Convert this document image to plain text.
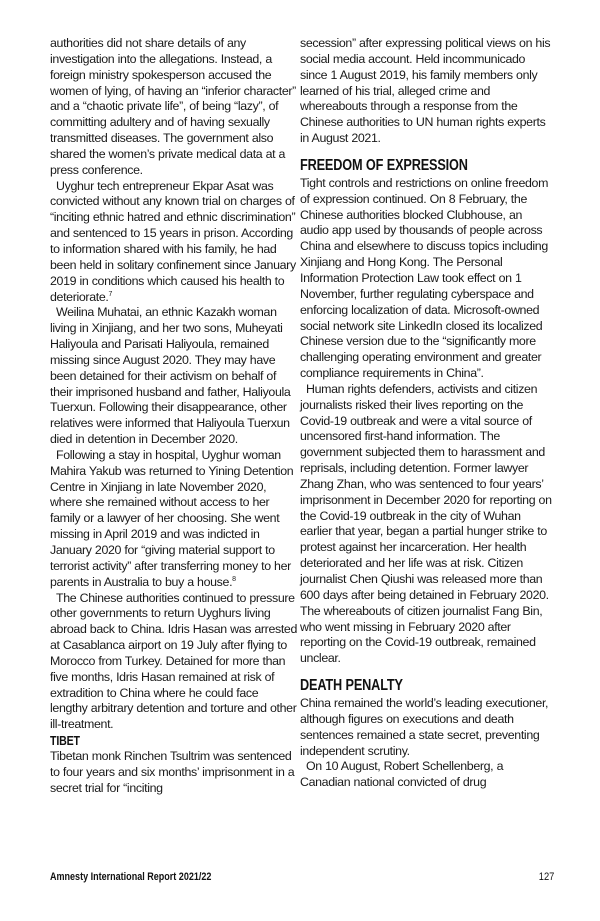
authorities did not share details of any investigation into the allegations. Instead, a foreign ministry spokesperson accused the women of lying, of having an “inferior character” and a “chaotic private life”, of being “lazy”, of committing adultery and of having sexually transmitted diseases. The government also shared the women’s private medical data at a press conference.

Uyghur tech entrepreneur Ekpar Asat was convicted without any known trial on charges of “inciting ethnic hatred and ethnic discrimination” and sentenced to 15 years in prison. According to information shared with his family, he had been held in solitary confinement since January 2019 in conditions which caused his health to deteriorate.$^7$

Weilina Muhatai, an ethnic Kazakh woman living in Xinjiang, and her two sons, Muheyati Haliyoula and Parisati Haliyoula, remained missing since August 2020. They may have been detained for their activism on behalf of their imprisoned husband and father, Haliyoula Tuerxun. Following their disappearance, other relatives were informed that Haliyoula Tuerxun died in detention in December 2020.

Following a stay in hospital, Uyghur woman Mahira Yakub was returned to Yining Detention Centre in Xinjiang in late November 2020, where she remained without access to her family or a lawyer of her choosing. She went missing in April 2019 and was indicted in January 2020 for “giving material support to terrorist activity” after transferring money to her parents in Australia to buy a house.$^8$

The Chinese authorities continued to pressure other governments to return Uyghurs living abroad back to China. Idris Hasan was arrested at Casablanca airport on 19 July after flying to Morocco from Turkey. Detained for more than five months, Idris Hasan remained at risk of extradition to China where he could face lengthy arbitrary detention and torture and other ill-treatment.

TIBET

Tibetan monk Rinchen Tsultrim was sentenced to four years and six months’ imprisonment in a secret trial for “inciting

secession” after expressing political views on his social media account. Held incommunicado since 1 August 2019, his family members only learned of his trial, alleged crime and whereabouts through a response from the Chinese authorities to UN human rights experts in August 2021.

FREEDOM OF EXPRESSION

Tight controls and restrictions on online freedom of expression continued. On 8 February, the Chinese authorities blocked Clubhouse, an audio app used by thousands of people across China and elsewhere to discuss topics including Xinjiang and Hong Kong. The Personal Information Protection Law took effect on 1 November, further regulating cyberspace and enforcing localization of data. Microsoft-owned social network site LinkedIn closed its localized Chinese version due to the “significantly more challenging operating environment and greater compliance requirements in China”.

Human rights defenders, activists and citizen journalists risked their lives reporting on the Covid-19 outbreak and were a vital source of uncensored first-hand information. The government subjected them to harassment and reprisals, including detention. Former lawyer Zhang Zhan, who was sentenced to four years’ imprisonment in December 2020 for reporting on the Covid-19 outbreak in the city of Wuhan earlier that year, began a partial hunger strike to protest against her incarceration. Her health deteriorated and her life was at risk. Citizen journalist Chen Qiushi was released more than 600 days after being detained in February 2020. The whereabouts of citizen journalist Fang Bin, who went missing in February 2020 after reporting on the Covid-19 outbreak, remained unclear.

DEATH PENALTY

China remained the world’s leading executioner, although figures on executions and death sentences remained a state secret, preventing independent scrutiny.

On 10 August, Robert Schellenberg, a Canadian national convicted of drug

Amnesty International Report 2021/22	127
